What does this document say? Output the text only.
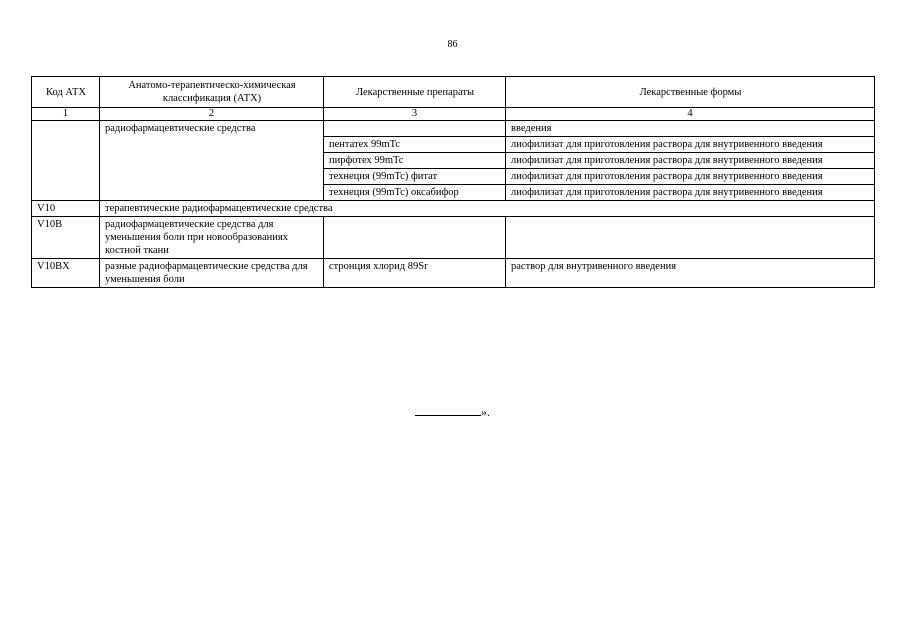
86
Код АТХ	Анатомо-терапевтическо-химическая классификация (АТХ)	Лекарственные препараты	Лекарственные формы
1	2	3	4
	радиофармацевтические средства		введения
		пентатех 99mTc	лиофилизат для приготовления раствора для внутривенного введения
		пирфотех 99mTc	лиофилизат для приготовления раствора для внутривенного введения
		технеция (99mTc) фитат	лиофилизат для приготовления раствора для внутривенного введения
		технеция (99mTc) оксабифор	лиофилизат для приготовления раствора для внутривенного введения
V10	терапевтические радиофармацевтические средства		
V10B	радиофармацевтические средства для уменьшения боли при новообразованиях костной ткани		
V10BX	разные радиофармацевтические средства для уменьшения боли	стронция хлорид 89Sr	раствор для внутривенного введения
».
